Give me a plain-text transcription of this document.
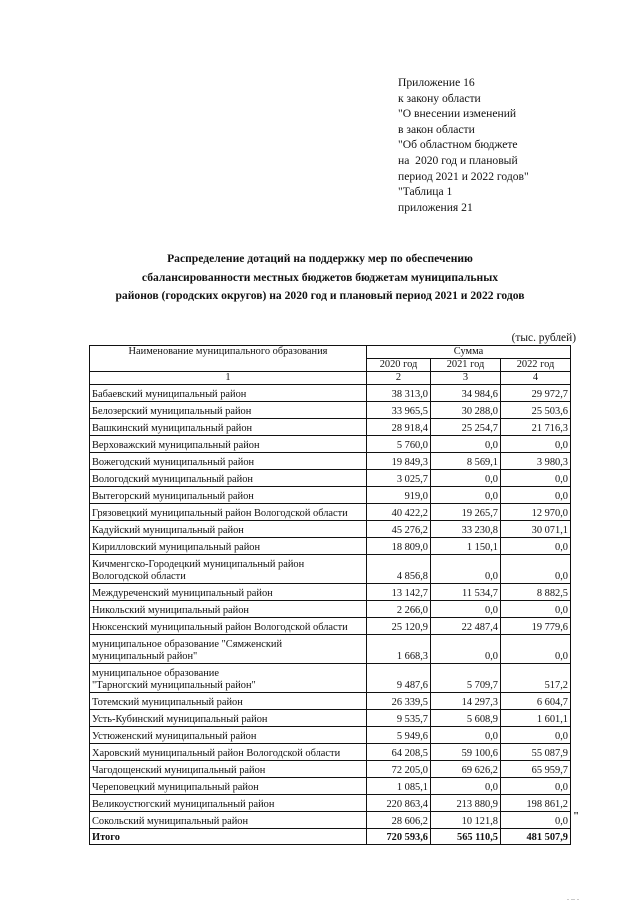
Приложение 16
к закону области
"О внесении изменений
в закон области
"Об областном бюджете
на  2020 год и плановый
период 2021 и 2022 годов"
"Таблица 1
приложения 21
Распределение дотаций на поддержку мер по обеспечению
сбалансированности местных бюджетов бюджетам муниципальных
районов (городских округов) на 2020 год и плановый период 2021 и 2022 годов
(тыс. рублей)
Наименование муниципального образования	Сумма		
	2020 год	2021 год	2022 год
1	2	3	4
Бабаевский муниципальный район	38 313,0	34 984,6	29 972,7
Белозерский муниципальный район	33 965,5	30 288,0	25 503,6
Вашкинский муниципальный район	28 918,4	25 254,7	21 716,3
Верховажский муниципальный район	5 760,0	0,0	0,0
Вожегодский муниципальный район	19 849,3	8 569,1	3 980,3
Вологодский муниципальный район	3 025,7	0,0	0,0
Вытегорский муниципальный район	919,0	0,0	0,0
Грязовецкий муниципальный район Вологодской области	40 422,2	19 265,7	12 970,0
Кадуйский муниципальный район	45 276,2	33 230,8	30 071,1
Кирилловский муниципальный район	18 809,0	1 150,1	0,0
Кичменгско-Городецкий муниципальный район
Вологодской области	4 856,8	0,0	0,0
Междуреченский муниципальный район	13 142,7	11 534,7	8 882,5
Никольский муниципальный район	2 266,0	0,0	0,0
Нюксенский муниципальный район Вологодской области	25 120,9	22 487,4	19 779,6
муниципальное образование "Сямженский
муниципальный район"	1 668,3	0,0	0,0
муниципальное образование
"Тарногский муниципальный район"	9 487,6	5 709,7	517,2
Тотемский муниципальный район	26 339,5	14 297,3	6 604,7
Усть-Кубинский муниципальный район	9 535,7	5 608,9	1 601,1
Устюженский муниципальный район	5 949,6	0,0	0,0
Харовский муниципальный район Вологодской области	64 208,5	59 100,6	55 087,9
Чагодощенский муниципальный район	72 205,0	69 626,2	65 959,7
Череповецкий муниципальный район	1 085,1	0,0	0,0
Великоустюгский муниципальный район	220 863,4	213 880,9	198 861,2
Сокольский муниципальный район	28 606,2	10 121,8	0,0
Итого	720 593,6	565 110,5	481 507,9
"
. .. .
